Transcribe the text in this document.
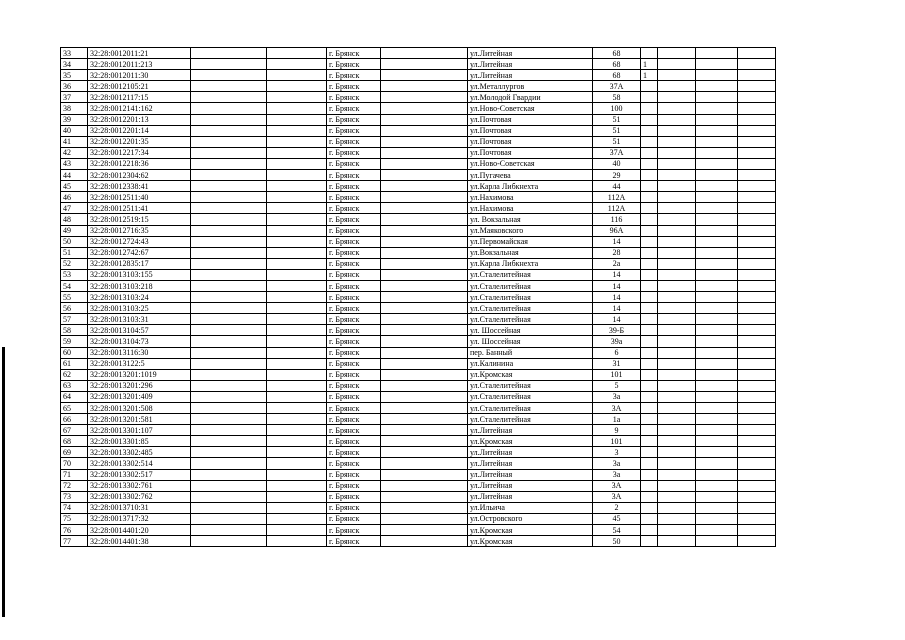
33	32:28:0012011:21			г. Брянск		ул.Литейная	68				
34	32:28:0012011:213			г. Брянск		ул.Литейная	68	1			
35	32:28:0012011:30			г. Брянск		ул.Литейная	68	1			
36	32:28:0012105:21			г. Брянск		ул.Металлургов	37А				
37	32:28:0012117:15			г. Брянск		ул.Молодой Гвардии	58				
38	32:28:0012141:162			г. Брянск		ул.Ново-Советская	100				
39	32:28:0012201:13			г. Брянск		ул.Почтовая	51				
40	32:28:0012201:14			г. Брянск		ул.Почтовая	51				
41	32:28:0012201:35			г. Брянск		ул.Почтовая	51				
42	32:28:0012217:34			г. Брянск		ул.Почтовая	37А				
43	32:28:0012218:36			г. Брянск		ул.Ново-Советская	40				
44	32:28:0012304:62			г. Брянск		ул.Пугачева	29				
45	32:28:0012338:41			г. Брянск		ул.Карла Либкнехта	44				
46	32:28:0012511:40			г. Брянск		ул.Нахимова	112А				
47	32:28:0012511:41			г. Брянск		ул.Нахимова	112А				
48	32:28:0012519:15			г. Брянск		ул. Вокзальная	116				
49	32:28:0012716:35			г. Брянск		ул.Маяковского	96А				
50	32:28:0012724:43			г. Брянск		ул.Первомайская	14				
51	32:28:0012742:67			г. Брянск		ул.Вокзальная	28				
52	32:28:0012835:17			г. Брянск		ул.Карла Либкнехта	2а				
53	32:28:0013103:155			г. Брянск		ул.Сталелитейная	14				
54	32:28:0013103:218			г. Брянск		ул.Сталелитейная	14				
55	32:28:0013103:24			г. Брянск		ул.Сталелитейная	14				
56	32:28:0013103:25			г. Брянск		ул.Сталелитейная	14				
57	32:28:0013103:31			г. Брянск		ул.Сталелитейная	14				
58	32:28:0013104:57			г. Брянск		ул. Шоссейная	39-Б				
59	32:28:0013104:73			г. Брянск		ул. Шоссейная	39а				
60	32:28:0013116:30			г. Брянск		пер. Банный	6				
61	32:28:0013122:5			г. Брянск		ул.Калинина	31				
62	32:28:0013201:1019			г. Брянск		ул.Кромская	101				
63	32:28:0013201:296			г. Брянск		ул.Сталелитейная	5				
64	32:28:0013201:409			г. Брянск		ул.Сталелитейная	3а				
65	32:28:0013201:508			г. Брянск		ул.Сталелитейная	3А				
66	32:28:0013201:581			г. Брянск		ул.Сталелитейная	1а				
67	32:28:0013301:107			г. Брянск		ул.Литейная	9				
68	32:28:0013301:85			г. Брянск		ул.Кромская	101				
69	32:28:0013302:485			г. Брянск		ул.Литейная	3				
70	32:28:0013302:514			г. Брянск		ул.Литейная	3а				
71	32:28:0013302:517			г. Брянск		ул.Литейная	3а				
72	32:28:0013302:761			г. Брянск		ул.Литейная	3А				
73	32:28:0013302:762			г. Брянск		ул.Литейная	3А				
74	32:28:0013710:31			г. Брянск		ул.Ильича	2				
75	32:28:0013717:32			г. Брянск		ул.Островского	45				
76	32:28:0014401:20			г. Брянск		ул.Кромская	54				
77	32:28:0014401:38			г. Брянск		ул.Кромская	50				
